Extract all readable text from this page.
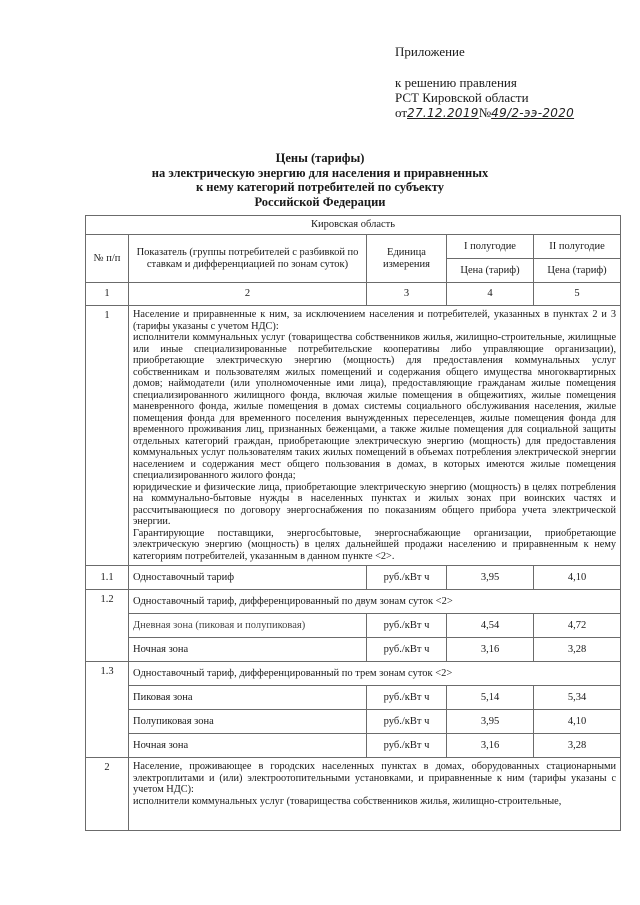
Приложение
к решению правления
РСТ Кировской области
от27.12.2019№49/2-ээ-2020
Цены (тарифы)
на электрическую энергию для населения и приравненных
к нему категорий потребителей по субъекту
Российской Федерации
Кировская область				
№ п/п	Показатель (группы потребителей с разбивкой по ставкам и дифференциацией по зонам суток)	Единица измерения	I полугодие	II полугодие
			Цена (тариф)	Цена (тариф)
1	2	3	4	5
1	Население и приравненные к ним, за исключением населения и потребителей, указанных в пунктах 2 и 3 (тарифы указаны с учетом НДС):

исполнители коммунальных услуг (товарищества собственников жилья, жилищно-строительные, жилищные или иные специализированные потребительские кооперативы либо управляющие организации), приобретающие электрическую энергию (мощность) для предоставления коммунальных услуг собственникам и пользователям жилых помещений и содержания общего имущества многоквартирных домов; наймодатели (или уполномоченные ими лица), предоставляющие гражданам жилые помещения специализированного жилищного фонда, включая жилые помещения в общежитиях, жилые помещения маневренного фонда, жилые помещения в домах системы социального обслуживания населения, жилые помещения фонда для временного поселения вынужденных переселенцев, жилые помещения фонда для временного проживания лиц, признанных беженцами, а также жилые помещения для социальной защиты отдельных категорий граждан, приобретающие электрическую энергию (мощность) для предоставления коммунальных услуг пользователям таких жилых помещений в объемах потребления электрической энергии населением и содержания мест общего пользования в домах, в которых имеются жилые помещения специализированного жилого фонда;

юридические и физические лица, приобретающие электрическую энергию (мощность) в целях потребления на коммунально-бытовые нужды в населенных пунктах и жилых зонах при воинских частях и рассчитывающиеся по договору энергоснабжения по показаниям общего прибора учета электрической энергии.

Гарантирующие поставщики, энергосбытовые, энергоснабжающие организации, приобретающие электрическую энергию (мощность) в целях дальнейшей продажи населению и приравненным к нему категориям потребителей, указанным в данном пункте <2>.			

1.1	Одноставочный тариф	руб./кВт ч	3,95	4,10
1.2	Одноставочный тариф, дифференцированный по двум зонам суток <2>			
	Дневная зона (пиковая и полупиковая)	руб./кВт ч	4,54	4,72
	Ночная зона	руб./кВт ч	3,16	3,28
1.3	Одноставочный тариф, дифференцированный по трем зонам суток <2>			
	Пиковая зона	руб./кВт ч	5,14	5,34
	Полупиковая зона	руб./кВт ч	3,95	4,10
	Ночная зона	руб./кВт ч	3,16	3,28
2	Население, проживающее в городских населенных пунктах в домах, оборудованных стационарными электроплитами и (или) электроотопительными установками, и приравненные к ним (тарифы указаны с учетом НДС):

исполнители коммунальных услуг (товарищества собственников жилья, жилищно-строительные,			
